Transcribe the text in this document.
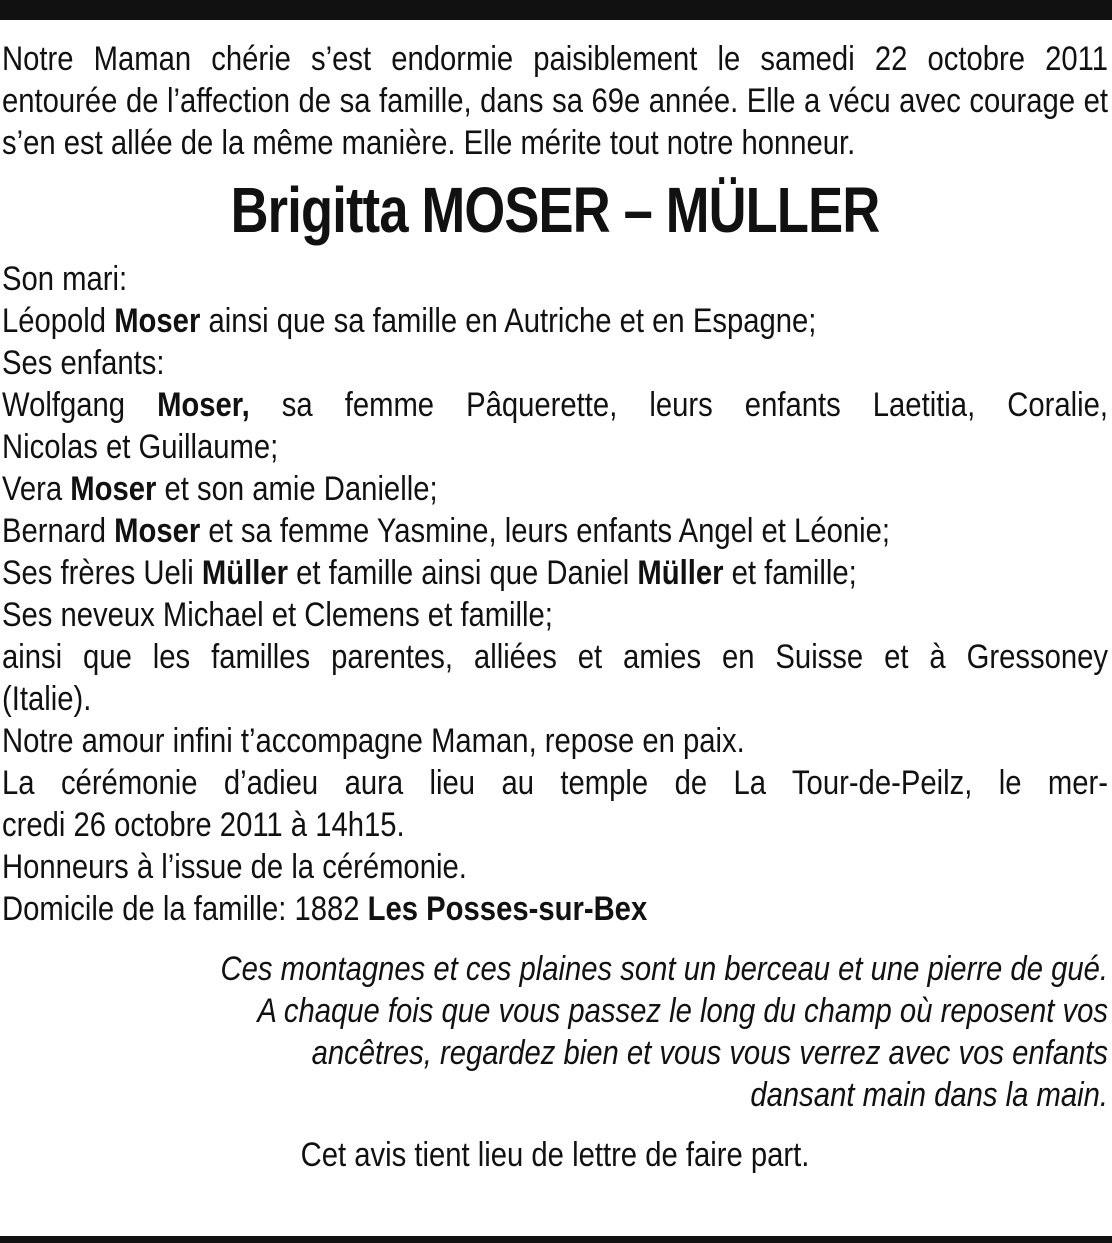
Notre Maman chérie s’est endormie paisiblement le samedi 22 octobre 2011 entourée de l’affection de sa famille, dans sa 69e année. Elle a vécu avec courage et s’en est allée de la même manière. Elle mérite tout notre honneur.

Brigitta MOSER – MÜLLER
Son mari:
Léopold Moser ainsi que sa famille en Autriche et en Espagne;
Ses enfants:
Wolfgang Moser, sa femme Pâquerette, leurs enfants Laetitia, Coralie,
Nicolas et Guillaume;
Vera Moser et son amie Danielle;
Bernard Moser et sa femme Yasmine, leurs enfants Angel et Léonie;
Ses frères Ueli Müller et famille ainsi que Daniel Müller et famille;
Ses neveux Michael et Clemens et famille;
ainsi que les familles parentes, alliées et amies en Suisse et à Gressoney
(Italie).
Notre amour infini t’accompagne Maman, repose en paix.
La cérémonie d’adieu aura lieu au temple de La Tour-de-Peilz, le mer-
credi 26 octobre 2011 à 14h15.
Honneurs à l’issue de la cérémonie.
Domicile de la famille: 1882 Les Posses-sur-Bex
Ces montagnes et ces plaines sont un berceau et une pierre de gué.
A chaque fois que vous passez le long du champ où reposent vos
ancêtres, regardez bien et vous vous verrez avec vos enfants
dansant main dans la main.
Cet avis tient lieu de lettre de faire part.
